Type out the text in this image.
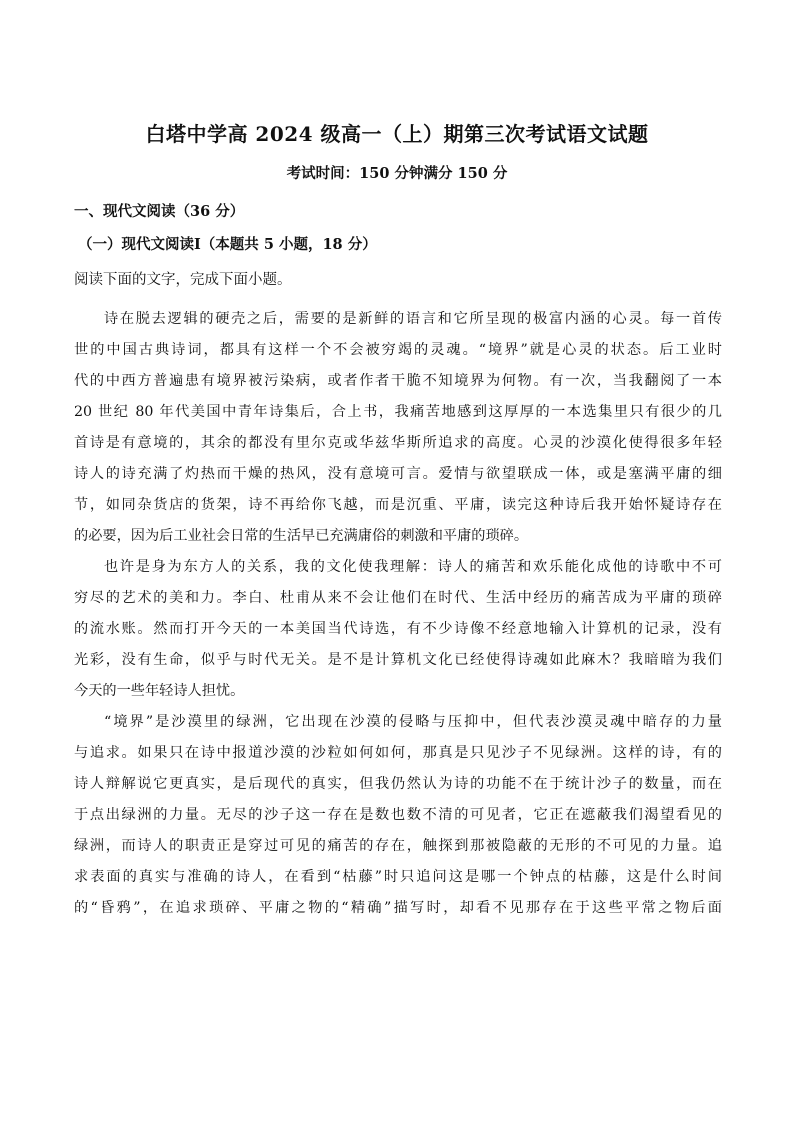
白塔中学高 2024 级高一（上）期第三次考试语文试题
考试时间：150 分钟满分 150 分
一、现代文阅读（36 分）
（一）现代文阅读Ⅰ（本题共 5 小题，18 分）
阅读下面的文字，完成下面小题。
诗在脱去逻辑的硬壳之后，需要的是新鲜的语言和它所呈现的极富内涵的心灵。每一首传
世的中国古典诗词，都具有这样一个不会被穷竭的灵魂。“境界”就是心灵的状态。后工业时
代的中西方普遍患有境界被污染病，或者作者干脆不知境界为何物。有一次，当我翻阅了一本
20 世纪 80 年代美国中青年诗集后，合上书，我痛苦地感到这厚厚的一本选集里只有很少的几
首诗是有意境的，其余的都没有里尔克或华兹华斯所追求的高度。心灵的沙漠化使得很多年轻
诗人的诗充满了灼热而干燥的热风，没有意境可言。爱情与欲望联成一体，或是塞满平庸的细
节，如同杂货店的货架，诗不再给你飞越，而是沉重、平庸，读完这种诗后我开始怀疑诗存在
的必要，因为后工业社会日常的生活早已充满庸俗的刺激和平庸的琐碎。
也许是身为东方人的关系，我的文化使我理解：诗人的痛苦和欢乐能化成他的诗歌中不可
穷尽的艺术的美和力。李白、杜甫从来不会让他们在时代、生活中经历的痛苦成为平庸的琐碎
的流水账。然而打开今天的一本美国当代诗选，有不少诗像不经意地输入计算机的记录，没有
光彩，没有生命，似乎与时代无关。是不是计算机文化已经使得诗魂如此麻木？我暗暗为我们
今天的一些年轻诗人担忧。
“境界”是沙漠里的绿洲，它出现在沙漠的侵略与压抑中，但代表沙漠灵魂中暗存的力量
与追求。如果只在诗中报道沙漠的沙粒如何如何，那真是只见沙子不见绿洲。这样的诗，有的
诗人辩解说它更真实，是后现代的真实，但我仍然认为诗的功能不在于统计沙子的数量，而在
于点出绿洲的力量。无尽的沙子这一存在是数也数不清的可见者，它正在遮蔽我们渴望看见的
绿洲，而诗人的职责正是穿过可见的痛苦的存在，触探到那被隐蔽的无形的不可见的力量。追
求表面的真实与准确的诗人，在看到“枯藤”时只追问这是哪一个钟点的枯藤，这是什么时间
的“昏鸦”，在追求琐碎、平庸之物的“精确”描写时，却看不见那存在于这些平常之物后面
